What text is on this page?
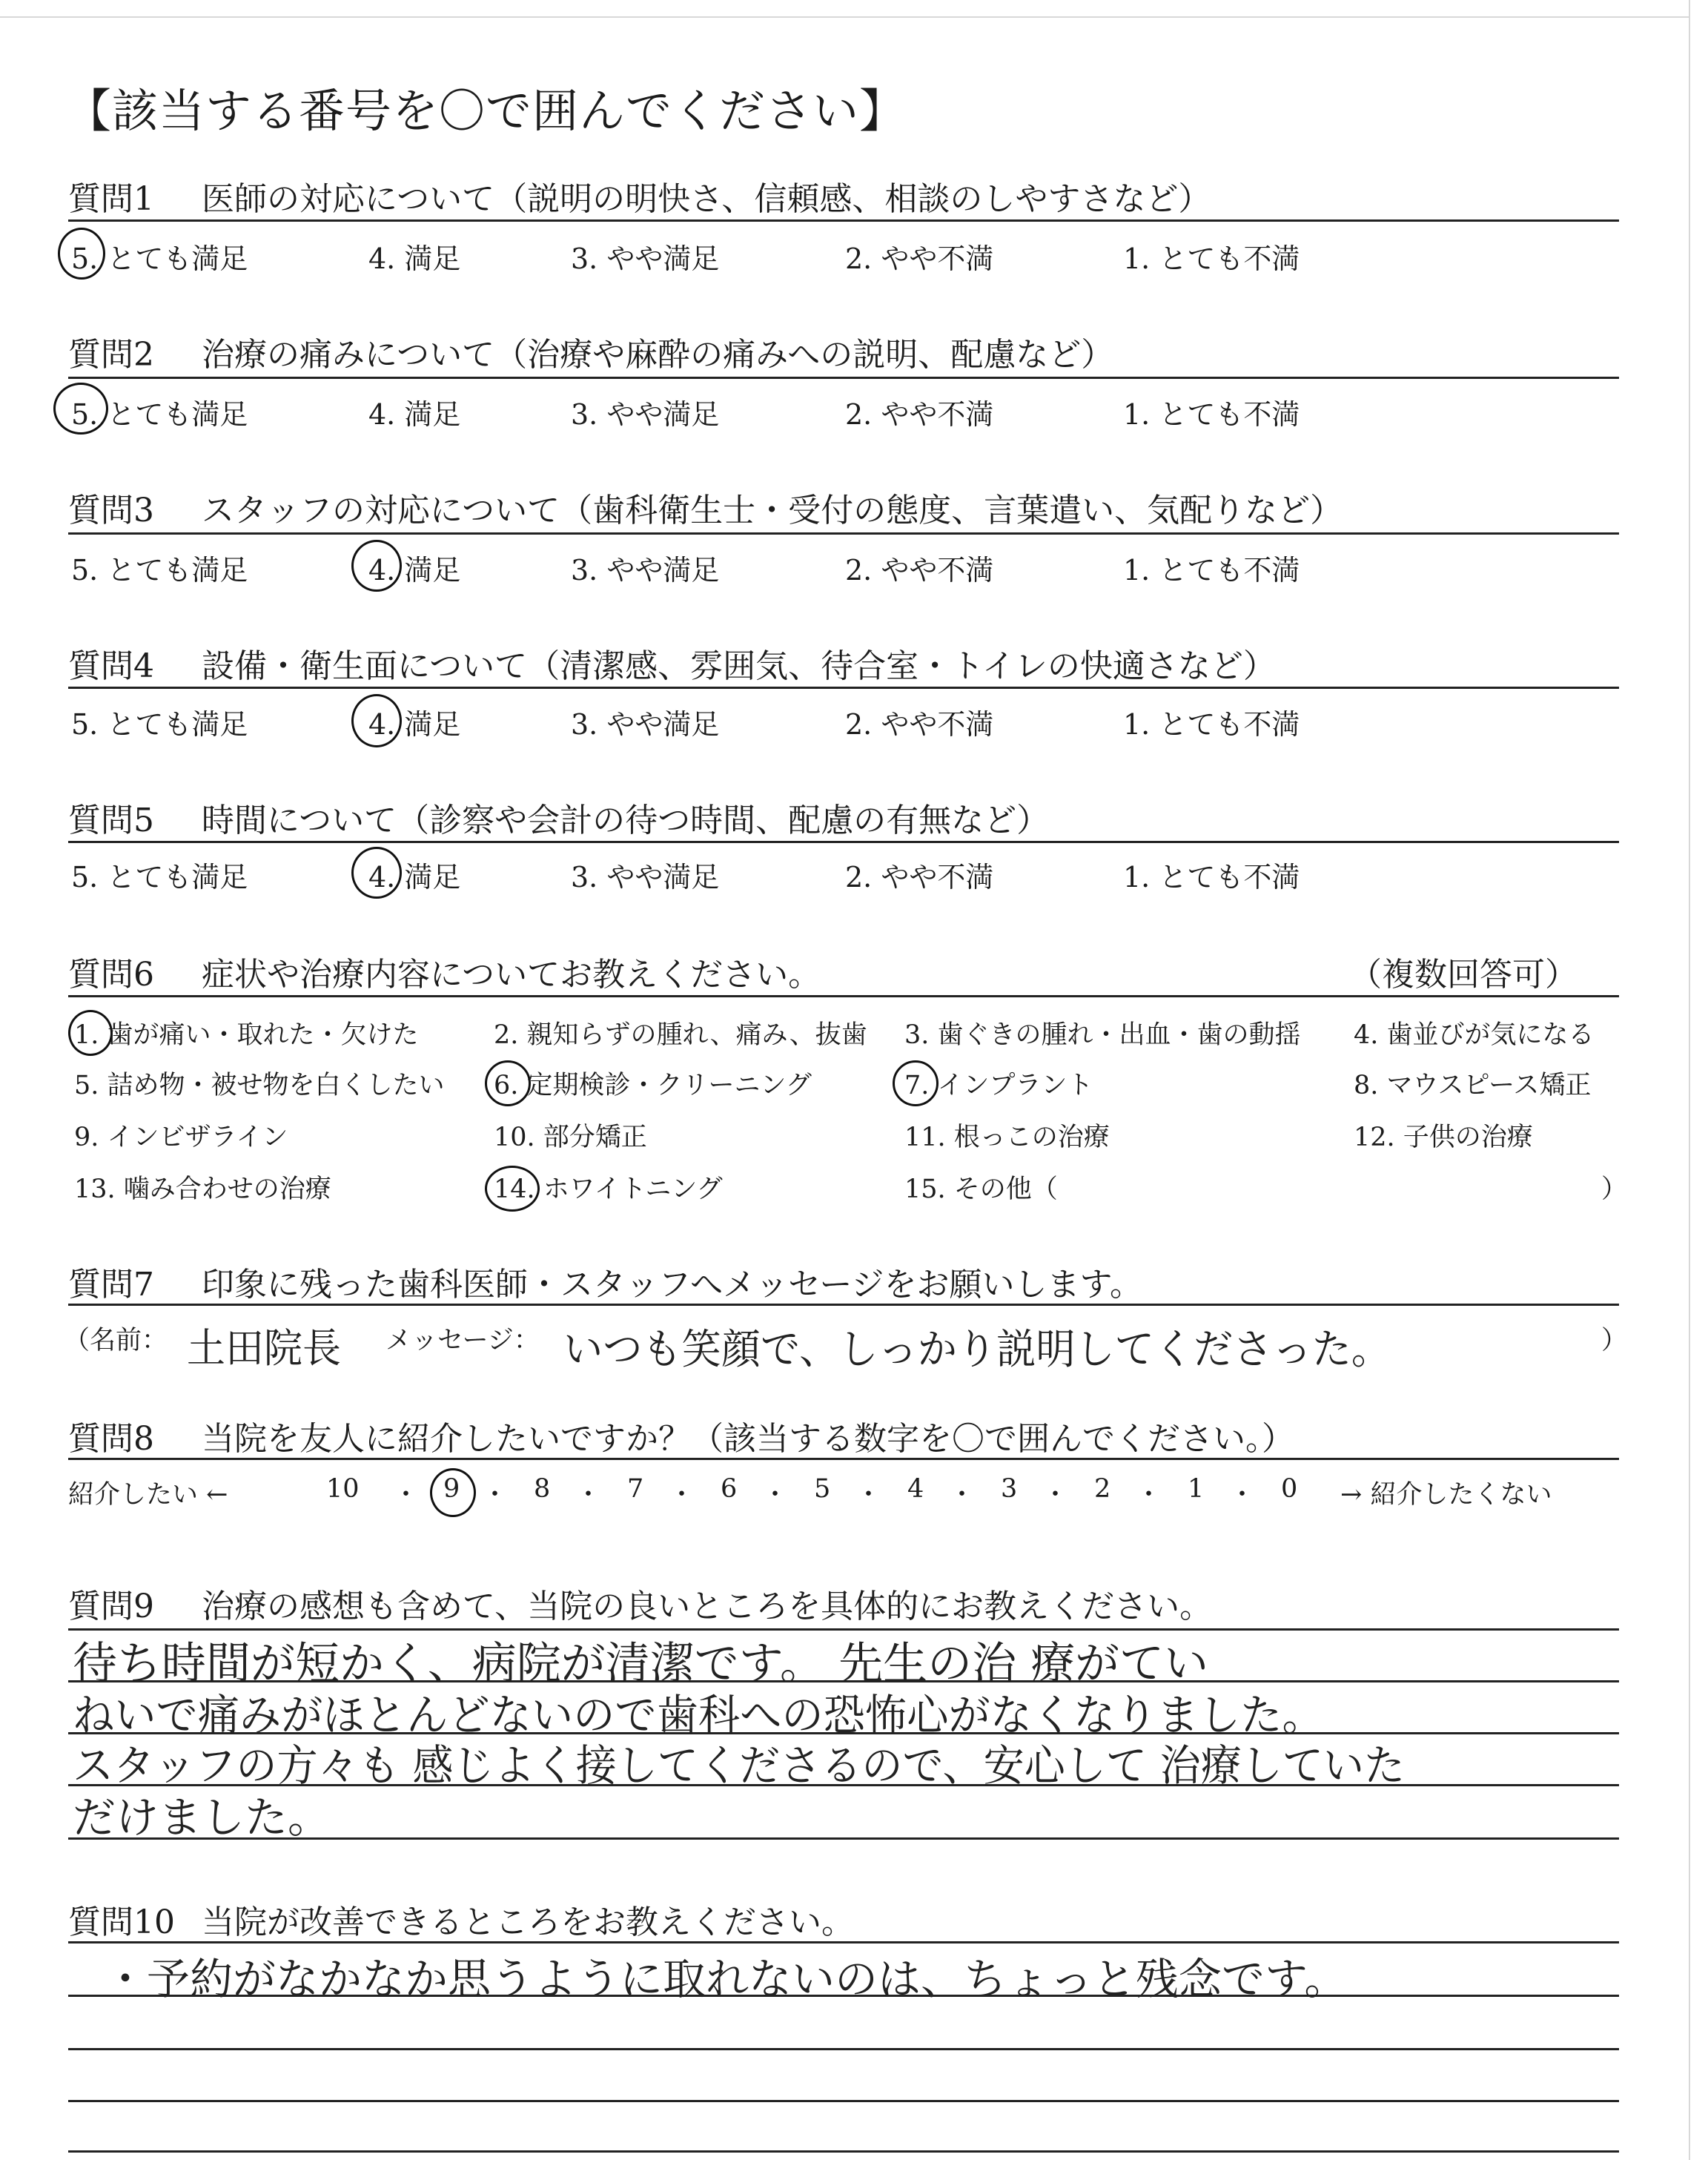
【該当する番号を〇で囲んでください】
質問1 医師の対応について（説明の明快さ、信頼感、相談のしやすさなど）
5. とても満足	4. 満足	3. やや満足	2. やや不満	1. とても不満
質問2 治療の痛みについて（治療や麻酔の痛みへの説明、配慮など）
5. とても満足	4. 満足	3. やや満足	2. やや不満	1. とても不満
質問3 スタッフの対応について（歯科衛生士・受付の態度、言葉遣い、気配りなど）
5. とても満足	4. 満足	3. やや満足	2. やや不満	1. とても不満
質問4 設備・衛生面について（清潔感、雰囲気、待合室・トイレの快適さなど）
5. とても満足	4. 満足	3. やや満足	2. やや不満	1. とても不満
質問5 時間について（診察や会計の待つ時間、配慮の有無など）
5. とても満足	4. 満足	3. やや満足	2. やや不満	1. とても不満
質問6 症状や治療内容についてお教えください。	（複数回答可）
1. 歯が痛い・取れた・欠けた	2. 親知らずの腫れ、痛み、抜歯 3. 歯ぐきの腫れ・出血・歯の動揺 4. 歯並びが気になる
5. 詰め物・被せ物を白くしたい 6. 定期検診・クリーニング	7. インプラント	8. マウスピース矯正
9. インビザライン	10. 部分矯正	11. 根っこの治療	12. 子供の治療
13. 噛み合わせの治療	14. ホワイトニング	15. その他（	）
質問7 印象に残った歯科医師・スタッフへメッセージをお願いします。
（名前： 土田院長 メッセージ： いつも笑顔で、しっかり説明してくださった。	）
質問8 当院を友人に紹介したいですか？（該当する数字を〇で囲んでください。）
紹介したい ←	10 ・ 9 ・ 8 ・ 7 ・ 6 ・ 5 ・ 4 ・ 3 ・ 2 ・ 1 ・ 0 → 紹介したくない
質問9 治療の感想も含めて、当院の良いところを具体的にお教えください。
待ち時間が短かく、病院が清潔です。 先生の治 療がてい
ねいで痛みがほとんどないので歯科への恐怖心がなくなりました。
スタッフの方々も 感じよく接してくださるので、安心して 治療していた
だけました。
質問10 当院が改善できるところをお教えください。
・予約がなかなか思うように取れないのは、ちょっと残念です。
